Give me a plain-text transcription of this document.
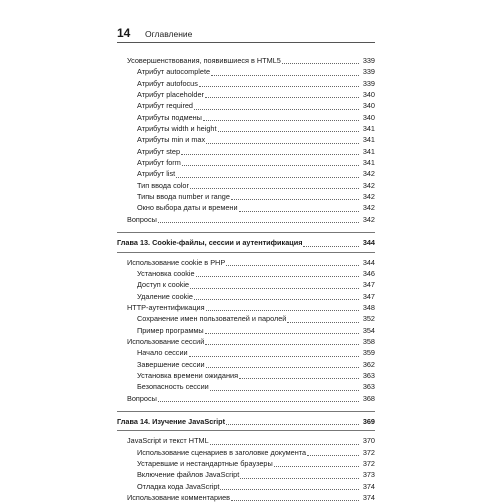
14 Оглавление
Усовершенствования, появившиеся в HTML5	339
Атрибут autocomplete	339
Атрибут autofocus	339
Атрибут placeholder	340
Атрибут required	340
Атрибуты подмены	340
Атрибуты width и height	341
Атрибуты min и max	341
Атрибут step	341
Атрибут form	341
Атрибут list	342
Тип ввода color	342
Типы ввода number и range	342
Окно выбора даты и времени	342
Вопросы	342
Глава 13. Cookie-файлы, сессии и аутентификация	344
Использование cookie в PHP	344
Установка cookie	346
Доступ к cookie	347
Удаление cookie	347
HTTP-аутентификация	348
Сохранение имен пользователей и паролей	352
Пример программы	354
Использование сессий	358
Начало сессии	359
Завершение сессии	362
Установка времени ожидания	363
Безопасность сессии	363
Вопросы	368
Глава 14. Изучение JavaScript	369
JavaScript и текст HTML	370
Использование сценариев в заголовке документа	372
Устаревшие и нестандартные браузеры	372
Включение файлов JavaScript	373
Отладка кода JavaScript	374
Использование комментариев	374
